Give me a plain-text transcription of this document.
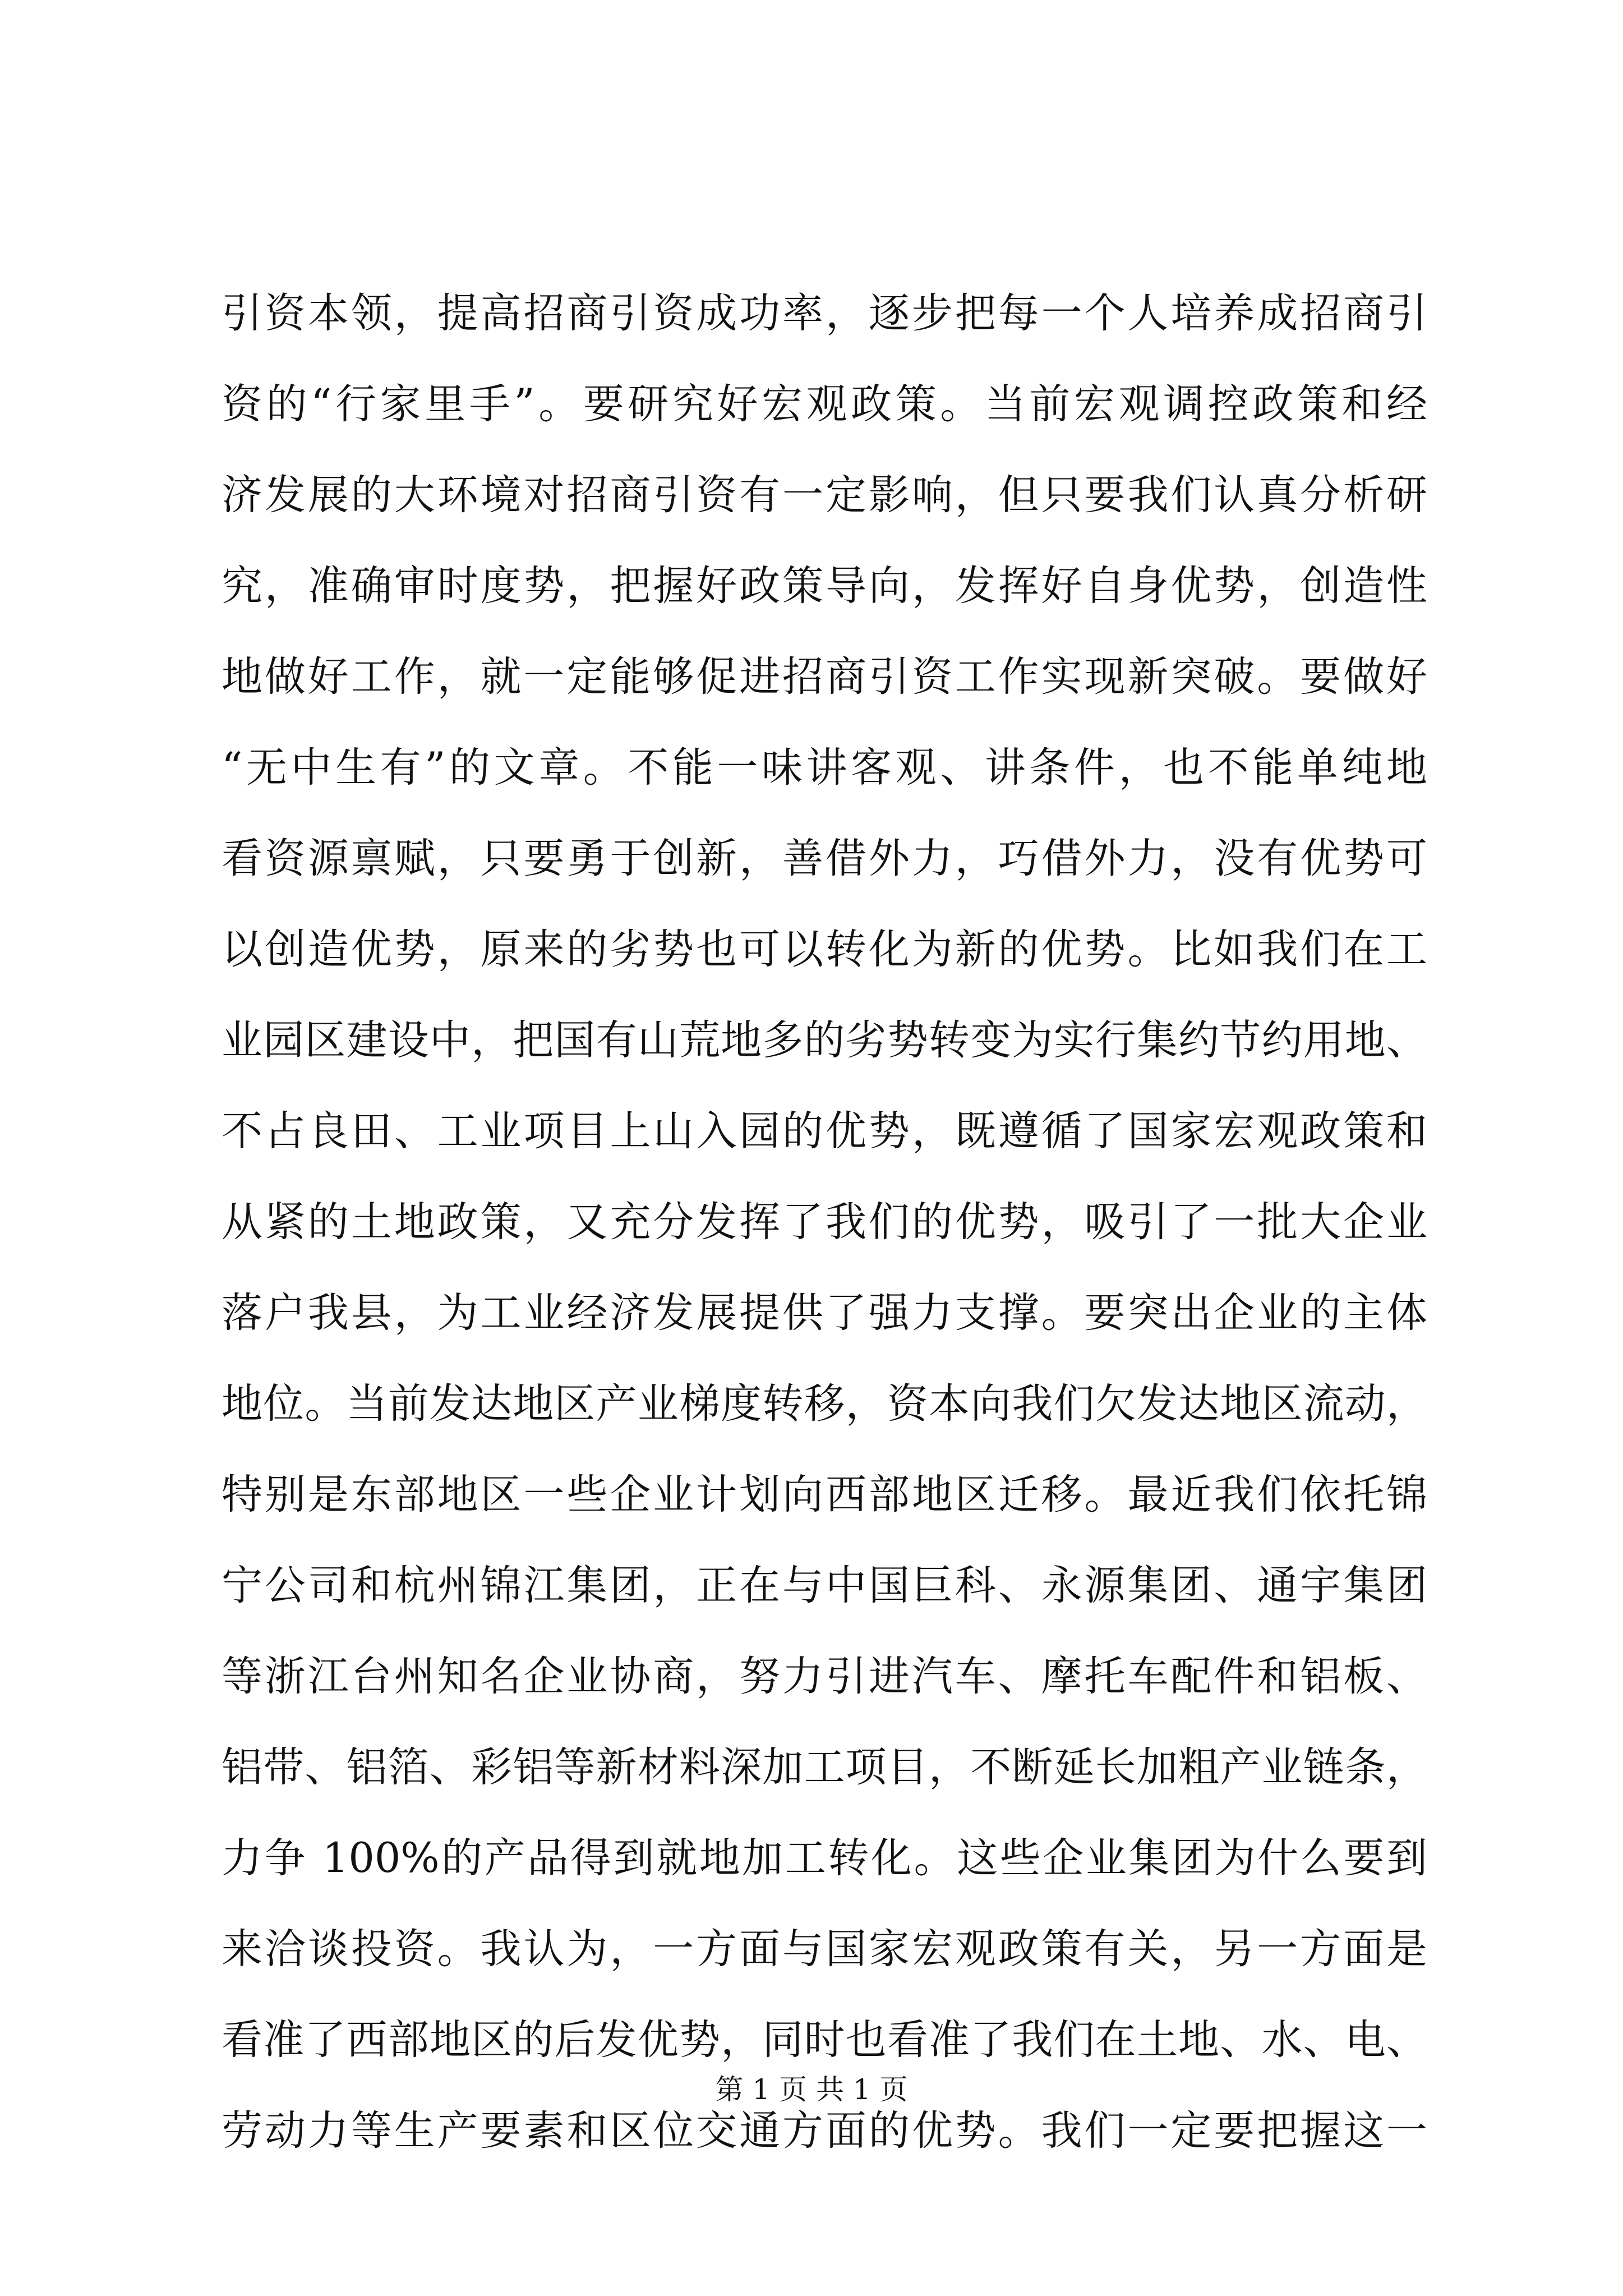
引资本领，提高招商引资成功率，逐步把每一个人培养成招商引
资的“行家里手”。要研究好宏观政策。当前宏观调控政策和经
济发展的大环境对招商引资有一定影响，但只要我们认真分析研
究，准确审时度势，把握好政策导向，发挥好自身优势，创造性
地做好工作，就一定能够促进招商引资工作实现新突破。要做好
“无中生有”的文章。不能一味讲客观、讲条件，也不能单纯地
看资源禀赋，只要勇于创新，善借外力，巧借外力，没有优势可
以创造优势，原来的劣势也可以转化为新的优势。比如我们在工
业园区建设中，把国有山荒地多的劣势转变为实行集约节约用地、
不占良田、工业项目上山入园的优势，既遵循了国家宏观政策和
从紧的土地政策，又充分发挥了我们的优势，吸引了一批大企业
落户我县，为工业经济发展提供了强力支撑。要突出企业的主体
地位。当前发达地区产业梯度转移，资本向我们欠发达地区流动，
特别是东部地区一些企业计划向西部地区迁移。最近我们依托锦
宁公司和杭州锦江集团，正在与中国巨科、永源集团、通宇集团
等浙江台州知名企业协商，努力引进汽车、摩托车配件和铝板、
铝带、铝箔、彩铝等新材料深加工项目，不断延长加粗产业链条，
力争 100%的产品得到就地加工转化。这些企业集团为什么要到
来洽谈投资。我认为，一方面与国家宏观政策有关，另一方面是
看准了西部地区的后发优势，同时也看准了我们在土地、水、电、
劳动力等生产要素和区位交通方面的优势。我们一定要把握这一
第 1 页 共 1 页
